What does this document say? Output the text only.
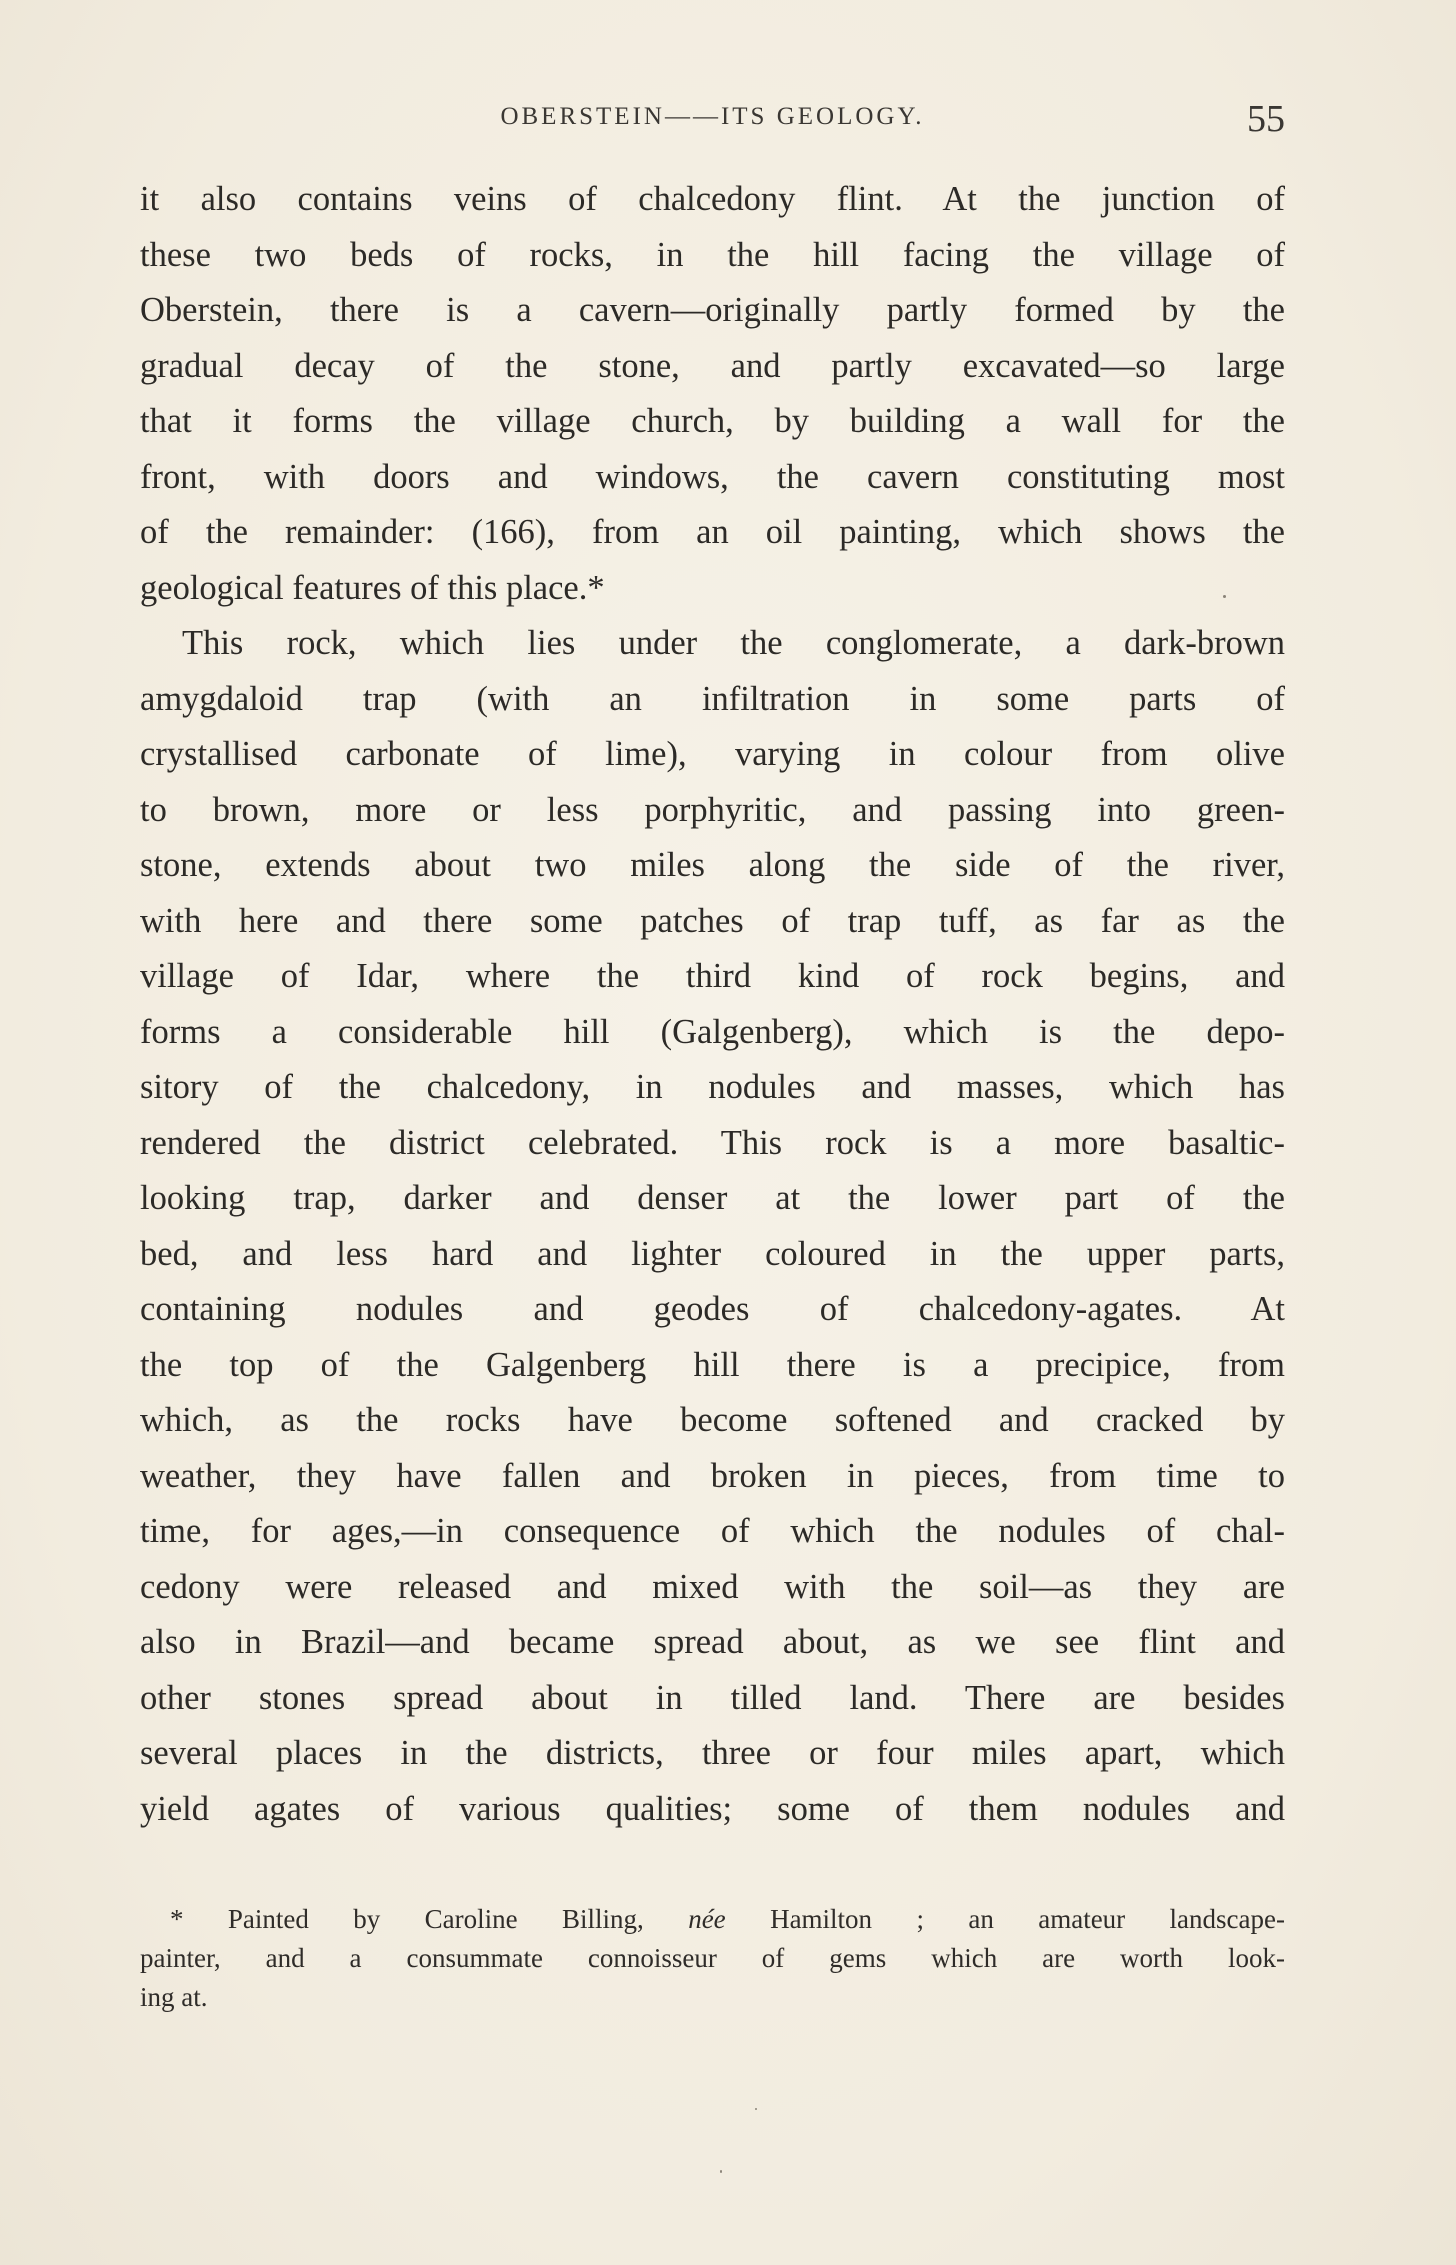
OBERSTEIN——ITS GEOLOGY.	55
it also contains veins of chalcedony flint. At the junction of
these two beds of rocks, in the hill facing the village of
Oberstein, there is a cavern—originally partly formed by the
gradual decay of the stone, and partly excavated—so large
that it forms the village church, by building a wall for the
front, with doors and windows, the cavern constituting most
of the remainder: (166), from an oil painting, which shows the
geological features of this place.*
This rock, which lies under the conglomerate, a dark-brown
amygdaloid trap (with an infiltration in some parts of
crystallised carbonate of lime), varying in colour from olive
to brown, more or less porphyritic, and passing into green-
stone, extends about two miles along the side of the river,
with here and there some patches of trap tuff, as far as the
village of Idar, where the third kind of rock begins, and
forms a considerable hill (Galgenberg), which is the depo-
sitory of the chalcedony, in nodules and masses, which has
rendered the district celebrated. This rock is a more basaltic-
looking trap, darker and denser at the lower part of the
bed, and less hard and lighter coloured in the upper parts,
containing nodules and geodes of chalcedony-agates. At
the top of the Galgenberg hill there is a precipice, from
which, as the rocks have become softened and cracked by
weather, they have fallen and broken in pieces, from time to
time, for ages,—in consequence of which the nodules of chal-
cedony were released and mixed with the soil—as they are
also in Brazil—and became spread about, as we see flint and
other stones spread about in tilled land. There are besides
several places in the districts, three or four miles apart, which
yield agates of various qualities; some of them nodules and
* Painted by Caroline Billing, née Hamilton ; an amateur landscape-
painter, and a consummate connoisseur of gems which are worth look-
ing at.
